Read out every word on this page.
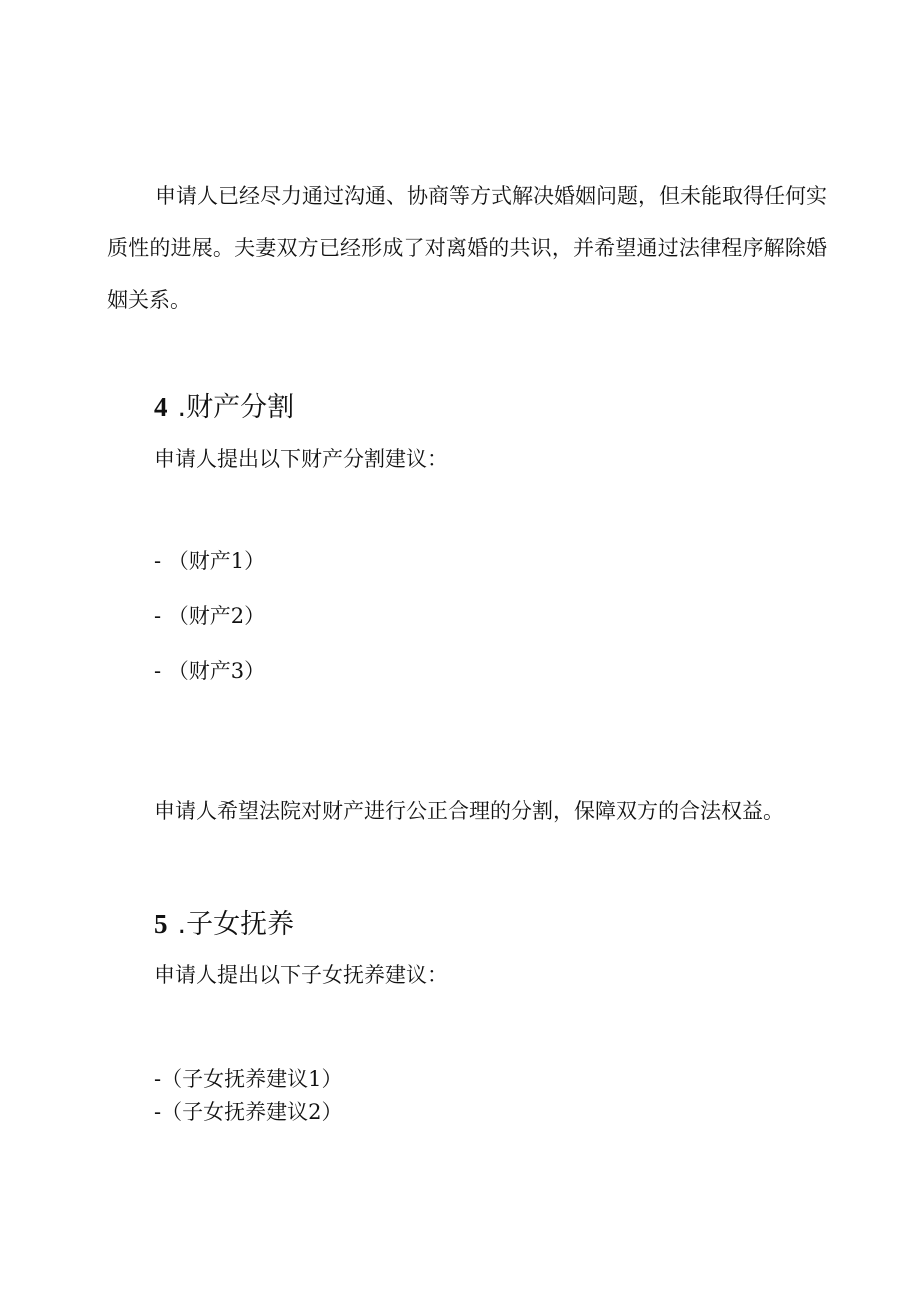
申请人已经尽力通过沟通、协商等方式解决婚姻问题，但未能取得任何实质性的进展。夫妻双方已经形成了对离婚的共识，并希望通过法律程序解除婚姻关系。

4 .财产分割

申请人提出以下财产分割建议：

- （财产1）

- （财产2）

- （财产3）

申请人希望法院对财产进行公正合理的分割，保障双方的合法权益。

5 .子女抚养

申请人提出以下子女抚养建议：

-（子女抚养建议1）

-（子女抚养建议2）
